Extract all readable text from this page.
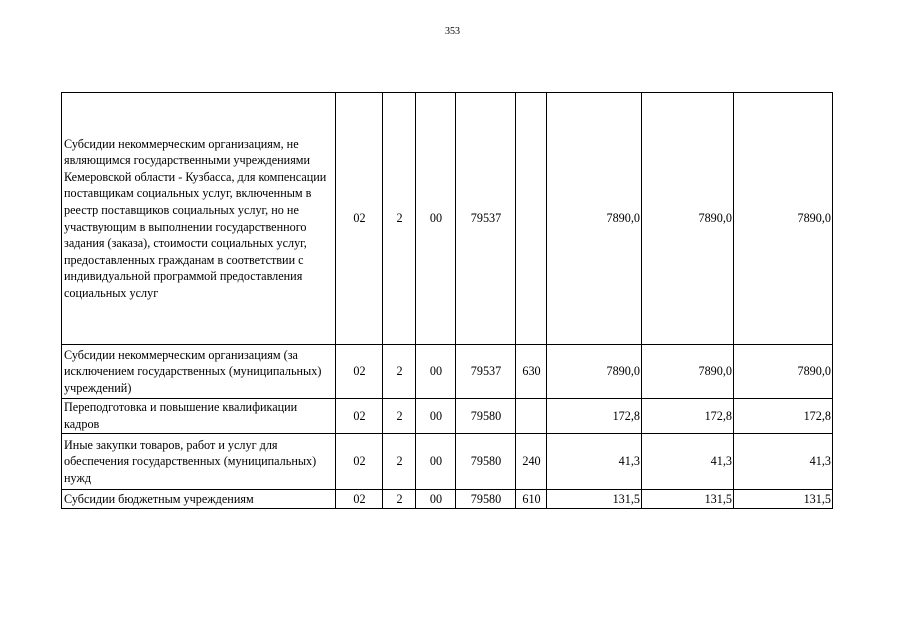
353
Субсидии некоммерческим организациям, не являющимся государственными учреждениями Кемеровской области - Кузбасса, для компенсации поставщикам социальных услуг, включенным в реестр поставщиков социальных услуг, но не участвующим в выполнении государственного задания (заказа), стоимости социальных услуг, предоставленных гражданам в соответствии с индивидуальной программой предоставления социальных услуг	02	2	00	79537		7890,0	7890,0	7890,0
Субсидии некоммерческим организациям (за исключением государственных (муниципальных) учреждений)	02	2	00	79537	630	7890,0	7890,0	7890,0
Переподготовка и повышение квалификации кадров	02	2	00	79580		172,8	172,8	172,8
Иные закупки товаров, работ и услуг для обеспечения государственных (муниципальных) нужд	02	2	00	79580	240	41,3	41,3	41,3
Субсидии бюджетным учреждениям	02	2	00	79580	610	131,5	131,5	131,5
